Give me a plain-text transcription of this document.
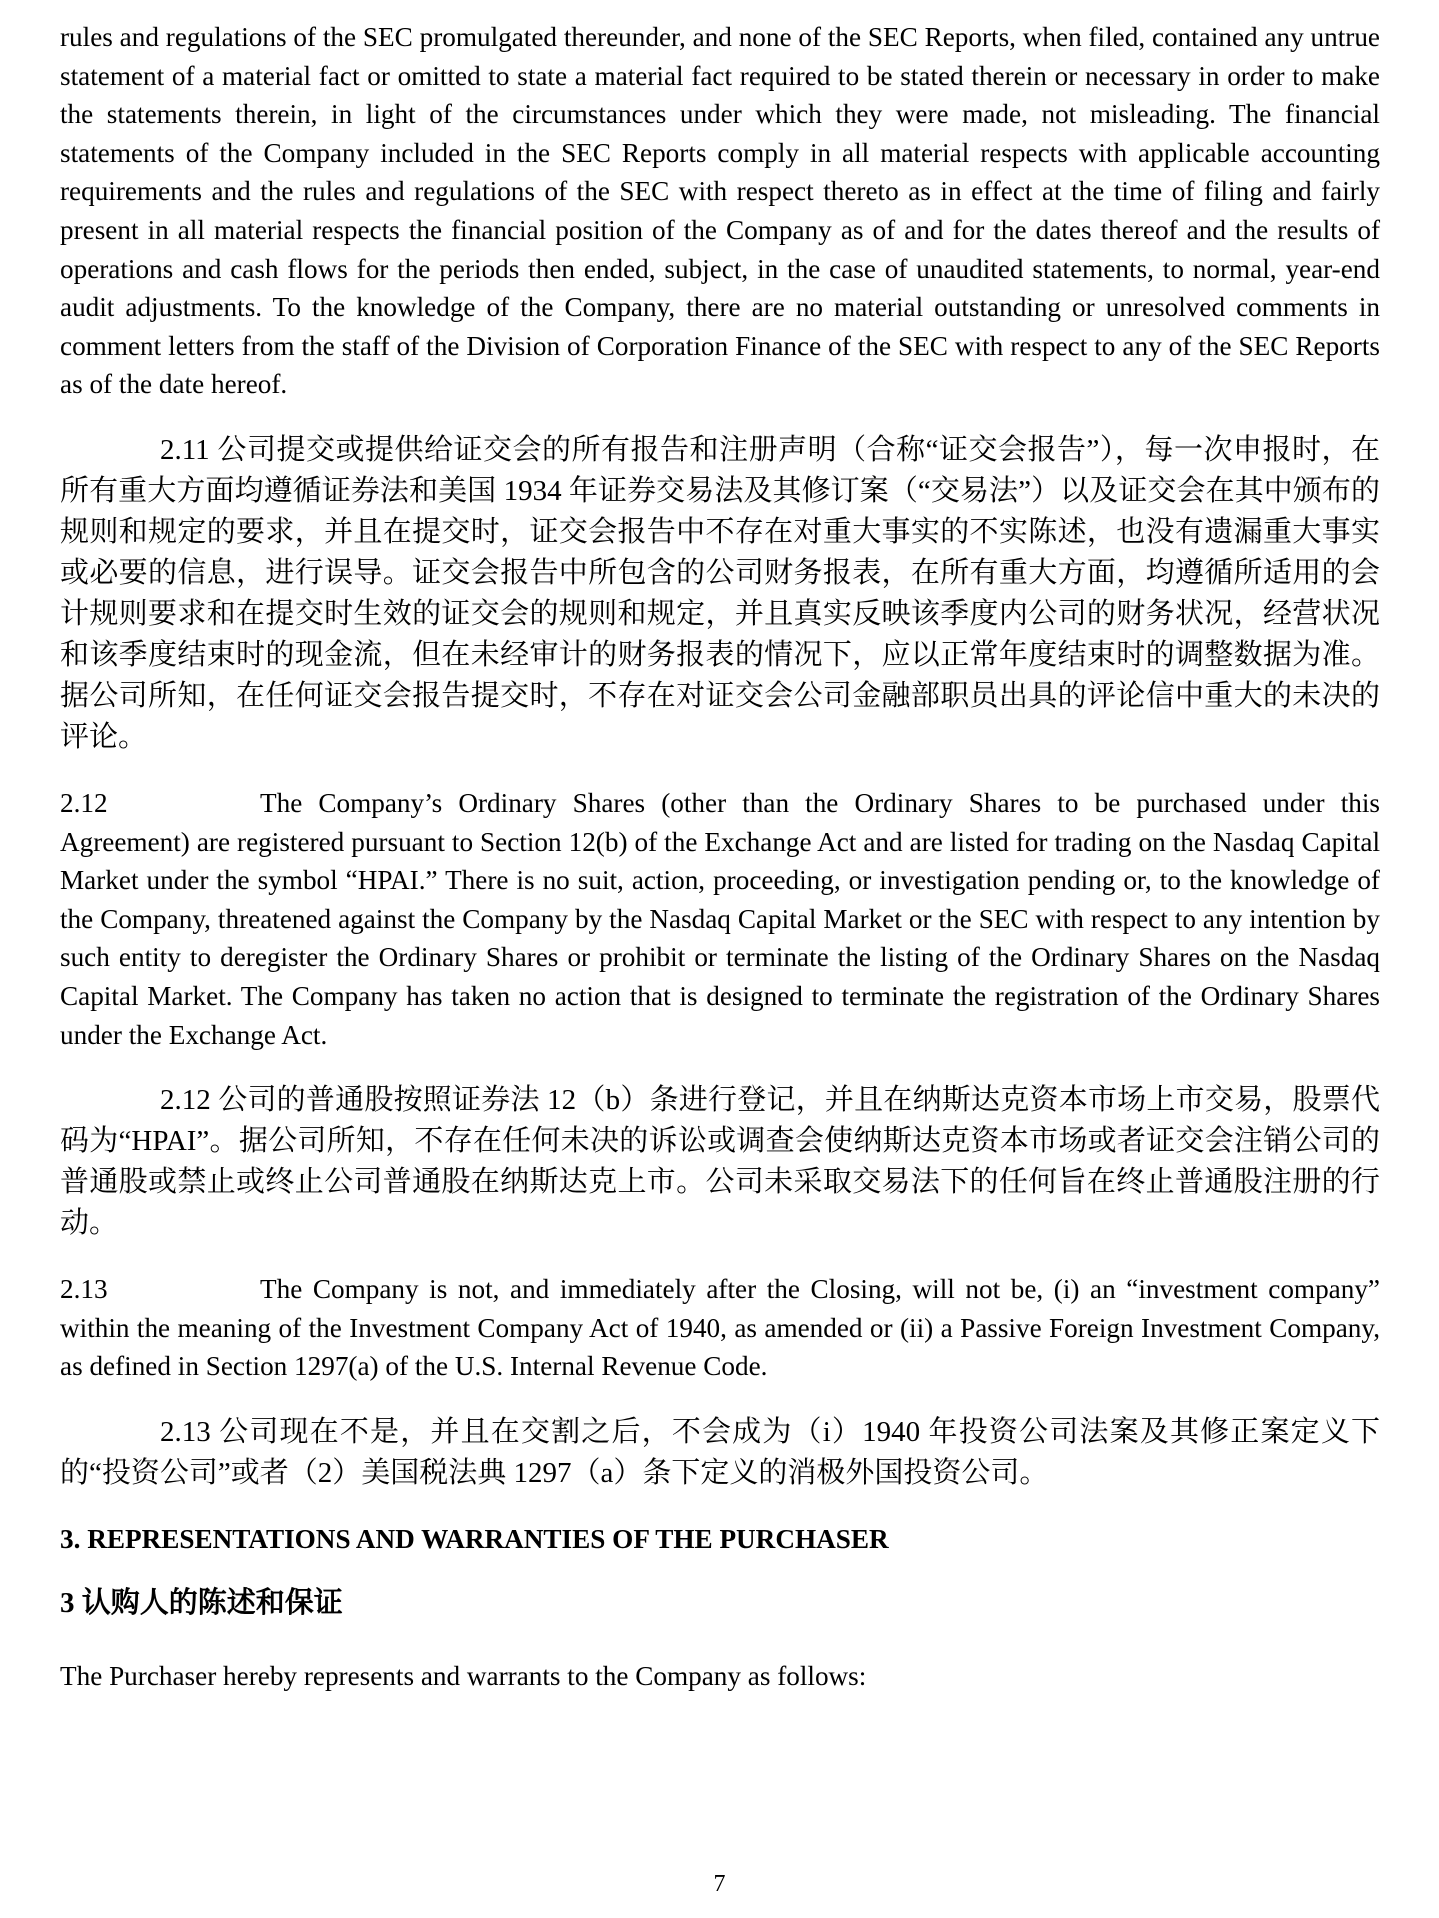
rules and regulations of the SEC promulgated thereunder, and none of the SEC Reports, when filed, contained any untrue statement of a material fact or omitted to state a material fact required to be stated therein or necessary in order to make the statements therein, in light of the circumstances under which they were made, not misleading. The financial statements of the Company included in the SEC Reports comply in all material respects with applicable accounting requirements and the rules and regulations of the SEC with respect thereto as in effect at the time of filing and fairly present in all material respects the financial position of the Company as of and for the dates thereof and the results of operations and cash flows for the periods then ended, subject, in the case of unaudited statements, to normal, year-end audit adjustments. To the knowledge of the Company, there are no material outstanding or unresolved comments in comment letters from the staff of the Division of Corporation Finance of the SEC with respect to any of the SEC Reports as of the date hereof.

2.11 公司提交或提供给证交会的所有报告和注册声明（合称“证交会报告”），每一次申报时，在所有重大方面均遵循证券法和美国 1934 年证券交易法及其修订案（“交易法”）以及证交会在其中颁布的规则和规定的要求，并且在提交时，证交会报告中不存在对重大事实的不实陈述，也没有遗漏重大事实或必要的信息，进行误导。证交会报告中所包含的公司财务报表，在所有重大方面，均遵循所适用的会计规则要求和在提交时生效的证交会的规则和规定，并且真实反映该季度内公司的财务状况，经营状况和该季度结束时的现金流，但在未经审计的财务报表的情况下，应以正常年度结束时的调整数据为准。据公司所知，在任何证交会报告提交时，不存在对证交会公司金融部职员出具的评论信中重大的未决的评论。

2.12	The Company’s Ordinary Shares (other than the Ordinary Shares to be purchased under this Agreement) are registered pursuant to Section 12(b) of the Exchange Act and are listed for trading on the Nasdaq Capital Market under the symbol “HPAI.” There is no suit, action, proceeding, or investigation pending or, to the knowledge of the Company, threatened against the Company by the Nasdaq Capital Market or the SEC with respect to any intention by such entity to deregister the Ordinary Shares or prohibit or terminate the listing of the Ordinary Shares on the Nasdaq Capital Market. The Company has taken no action that is designed to terminate the registration of the Ordinary Shares under the Exchange Act.

2.12 公司的普通股按照证券法 12（b）条进行登记，并且在纳斯达克资本市场上市交易，股票代码为“HPAI”。据公司所知，不存在任何未决的诉讼或调查会使纳斯达克资本市场或者证交会注销公司的普通股或禁止或终止公司普通股在纳斯达克上市。公司未采取交易法下的任何旨在终止普通股注册的行动。

2.13	The Company is not, and immediately after the Closing, will not be, (i) an “investment company” within the meaning of the Investment Company Act of 1940, as amended or (ii) a Passive Foreign Investment Company, as defined in Section 1297(a) of the U.S. Internal Revenue Code.

2.13 公司现在不是，并且在交割之后，不会成为（i）1940 年投资公司法案及其修正案定义下的“投资公司”或者（2）美国税法典 1297（a）条下定义的消极外国投资公司。

3. REPRESENTATIONS AND WARRANTIES OF THE PURCHASER

3 认购人的陈述和保证

The Purchaser hereby represents and warrants to the Company as follows:

7
